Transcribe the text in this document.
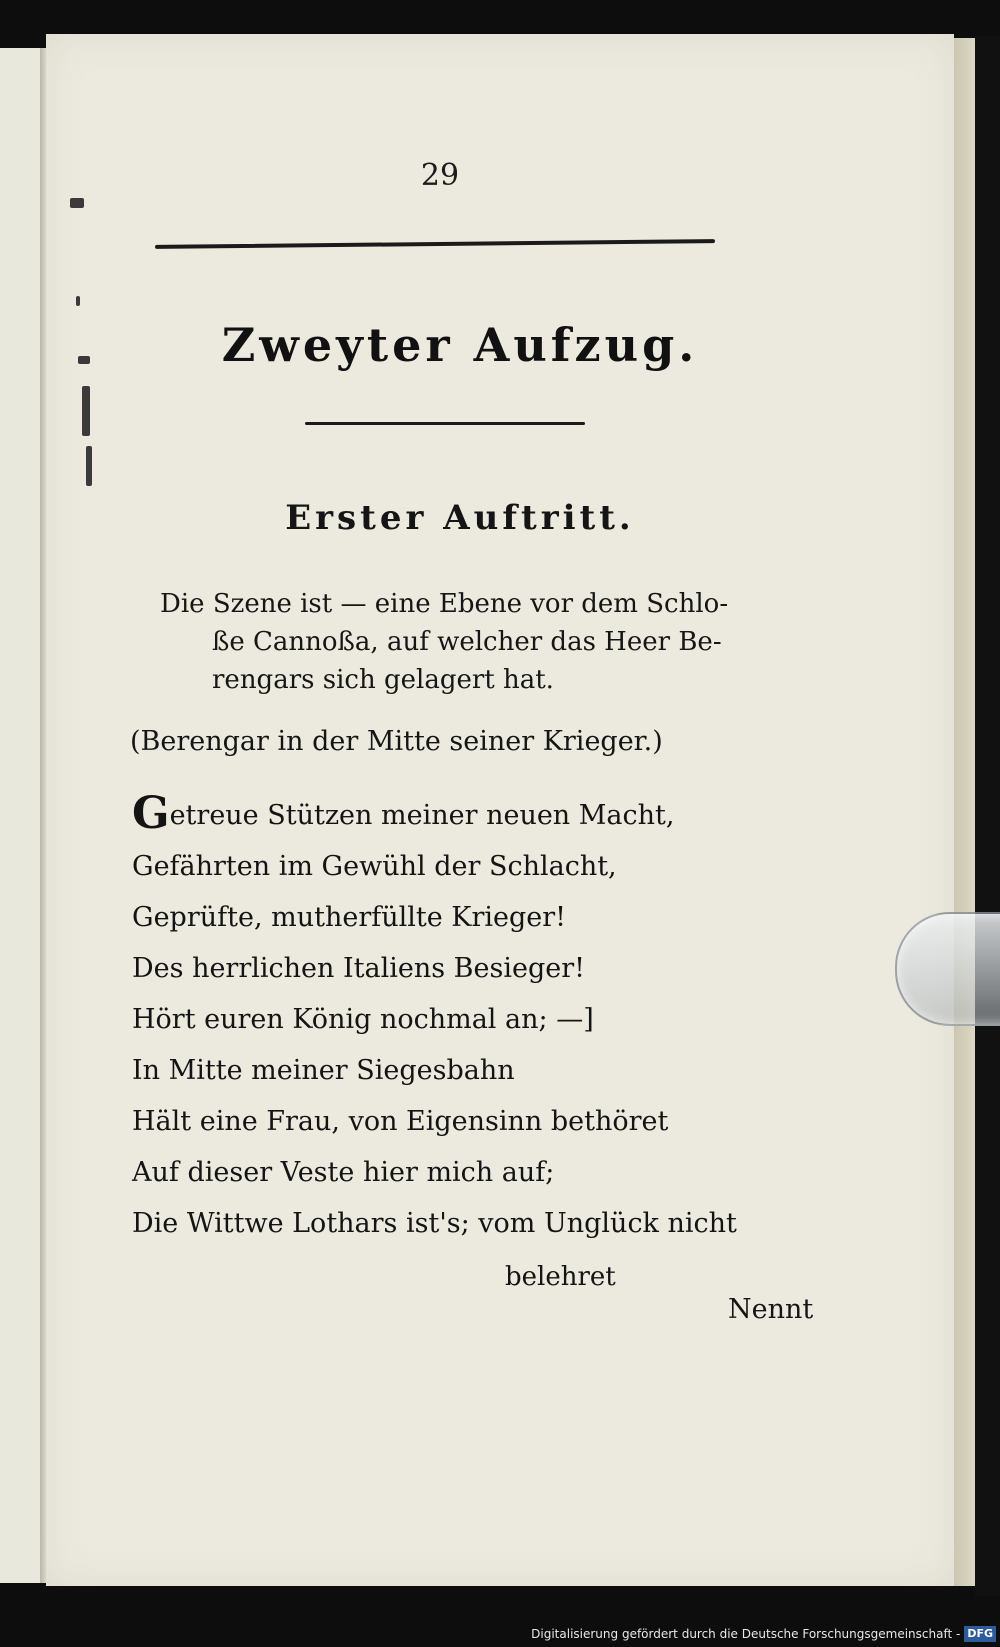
29
Zweyter Aufzug.
Erster Auftritt.
Die Szene ist — eine Ebene vor dem Schlo-
ße Cannoßa, auf welcher das Heer Be-
rengars sich gelagert hat.
(Berengar in der Mitte seiner Krieger.)
Getreue Stützen meiner neuen Macht,
Gefährten im Gewühl der Schlacht,
Geprüfte, mutherfüllte Krieger!
Des herrlichen Italiens Besieger!
Hört euren König nochmal an; —]
In Mitte meiner Siegesbahn
Hält eine Frau, von Eigensinn bethöret
Auf dieser Veste hier mich auf;
Die Wittwe Lothars ist's; vom Unglück nicht
belehret
Nennt
Digitalisierung gefördert durch die Deutsche Forschungsgemeinschaft - DFG
